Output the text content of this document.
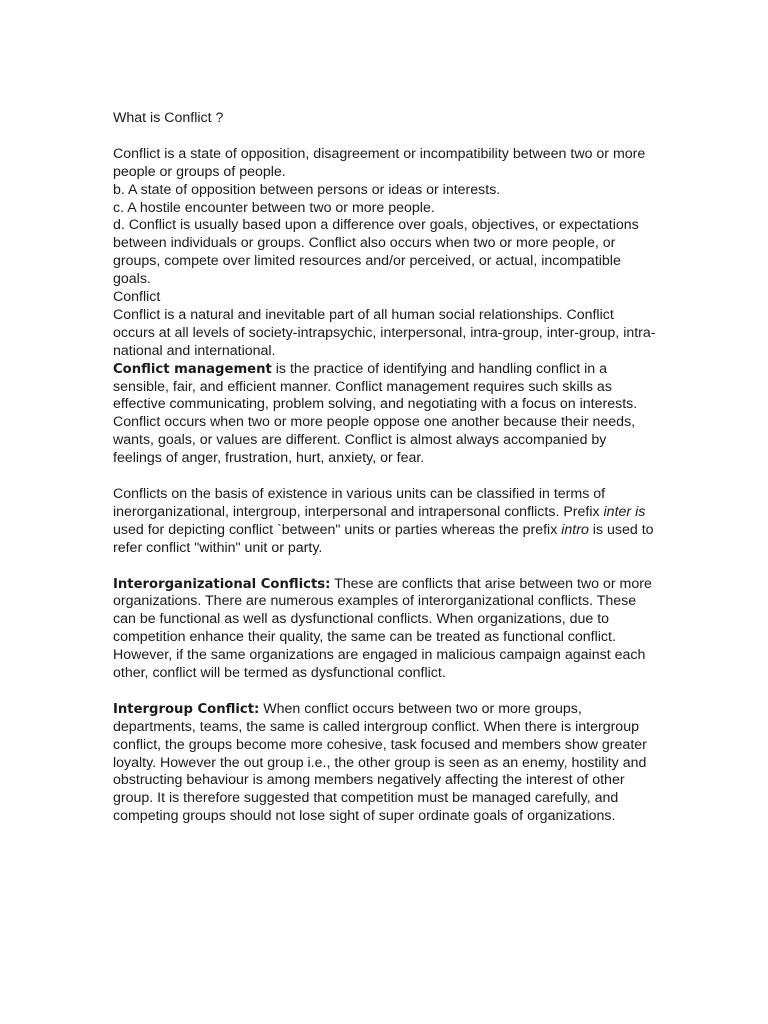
What is Conflict ?

Conflict is a state of opposition, disagreement or incompatibility between two or more people or groups of people.

b. A state of opposition between persons or ideas or interests.

c. A hostile encounter between two or more people.

d. Conflict is usually based upon a difference over goals, objectives, or expectations between individuals or groups. Conflict also occurs when two or more people, or groups, compete over limited resources and/or perceived, or actual, incompatible goals.

Conflict

Conflict is a natural and inevitable part of all human social relationships. Conflict occurs at all levels of society-intrapsychic, interpersonal, intra-group, inter-group, intra-national and international.

Conflict management is the practice of identifying and handling conflict in a sensible, fair, and efficient manner. Conflict management requires such skills as effective communicating, problem solving, and negotiating with a focus on interests.

Conflict occurs when two or more people oppose one another because their needs, wants, goals, or values are different. Conflict is almost always accompanied by feelings of anger, frustration, hurt, anxiety, or fear.

Conflicts on the basis of existence in various units can be classified in terms of inerorganizational, intergroup, interpersonal and intrapersonal conflicts. Prefix inter is used for depicting conflict `between" units or parties whereas the prefix intro is used to refer conflict "within" unit or party.

Interorganizational Conflicts: These are conflicts that arise between two or more organizations. There are numerous examples of interorganizational conflicts. These can be functional as well as dysfunctional conflicts. When organizations, due to competition enhance their quality, the same can be treated as functional conflict. However, if the same organizations are engaged in malicious campaign against each other, conflict will be termed as dysfunctional conflict.

Intergroup Conflict: When conflict occurs between two or more groups, departments, teams, the same is called intergroup conflict. When there is intergroup conflict, the groups become more cohesive, task focused and members show greater loyalty. However the out group i.e., the other group is seen as an enemy, hostility and obstructing behaviour is among members negatively affecting the interest of other group. It is therefore suggested that competition must be managed carefully, and competing groups should not lose sight of super ordinate goals of organizations.
